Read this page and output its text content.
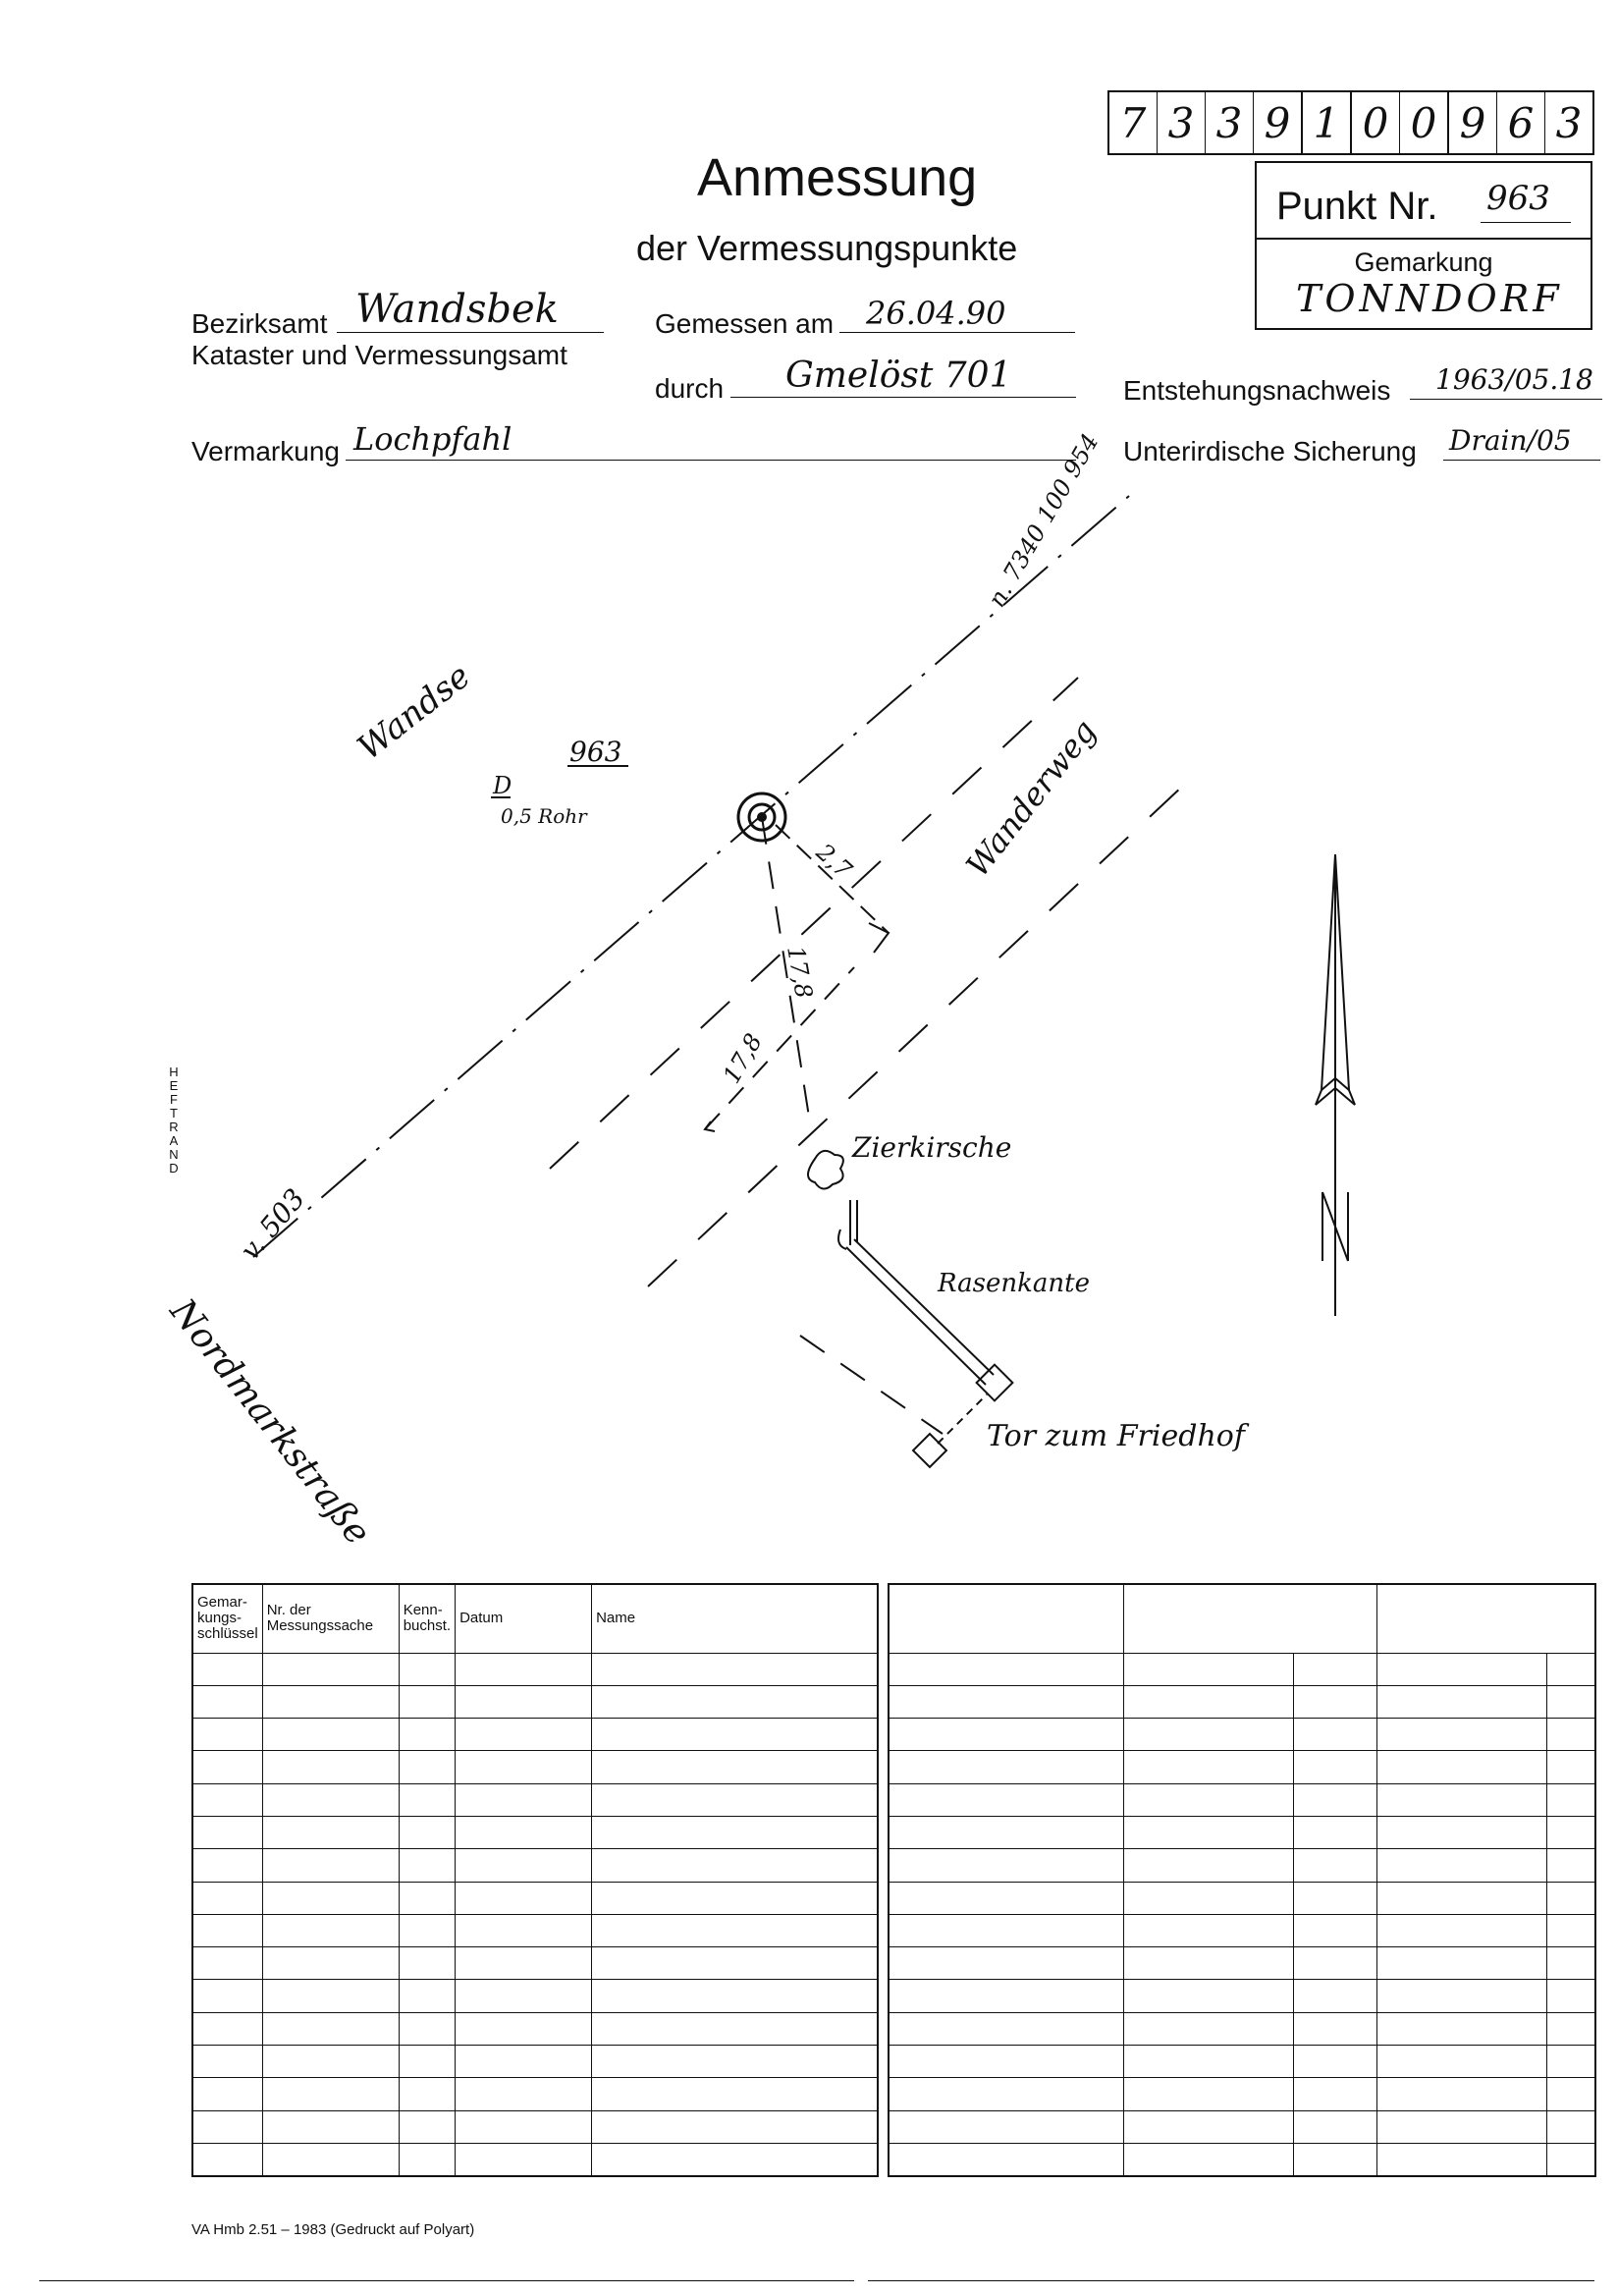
Anmessung
der Vermessungspunkte
7 3 3 9 1 0 0 9 6 3
Punkt Nr. 963
Gemarkung
TONNDORF
Bezirksamt Wandsbek
Kataster und Vermessungsamt
Gemessen am 26.04.90
durch Gmelöst 701	Entstehungsnachweis 1963/05.18
Vermarkung Lochpfahl	Unterirdische Sicherung Drain/05
HEFTRAND
n. 7340 100 954
v. 503
Wandse
Wanderweg
Nordmarkstraße
963
D
0,5 Rohr
2,7
17,8
17,8
Zierkirsche
Rasenkante
Tor zum Friedhof
Gemar-kungs-schlüssel	Nr. der Messungssache	Kenn-buchst.	Datum	Name

VA Hmb 2.51 – 1983 (Gedruckt auf Polyart)
